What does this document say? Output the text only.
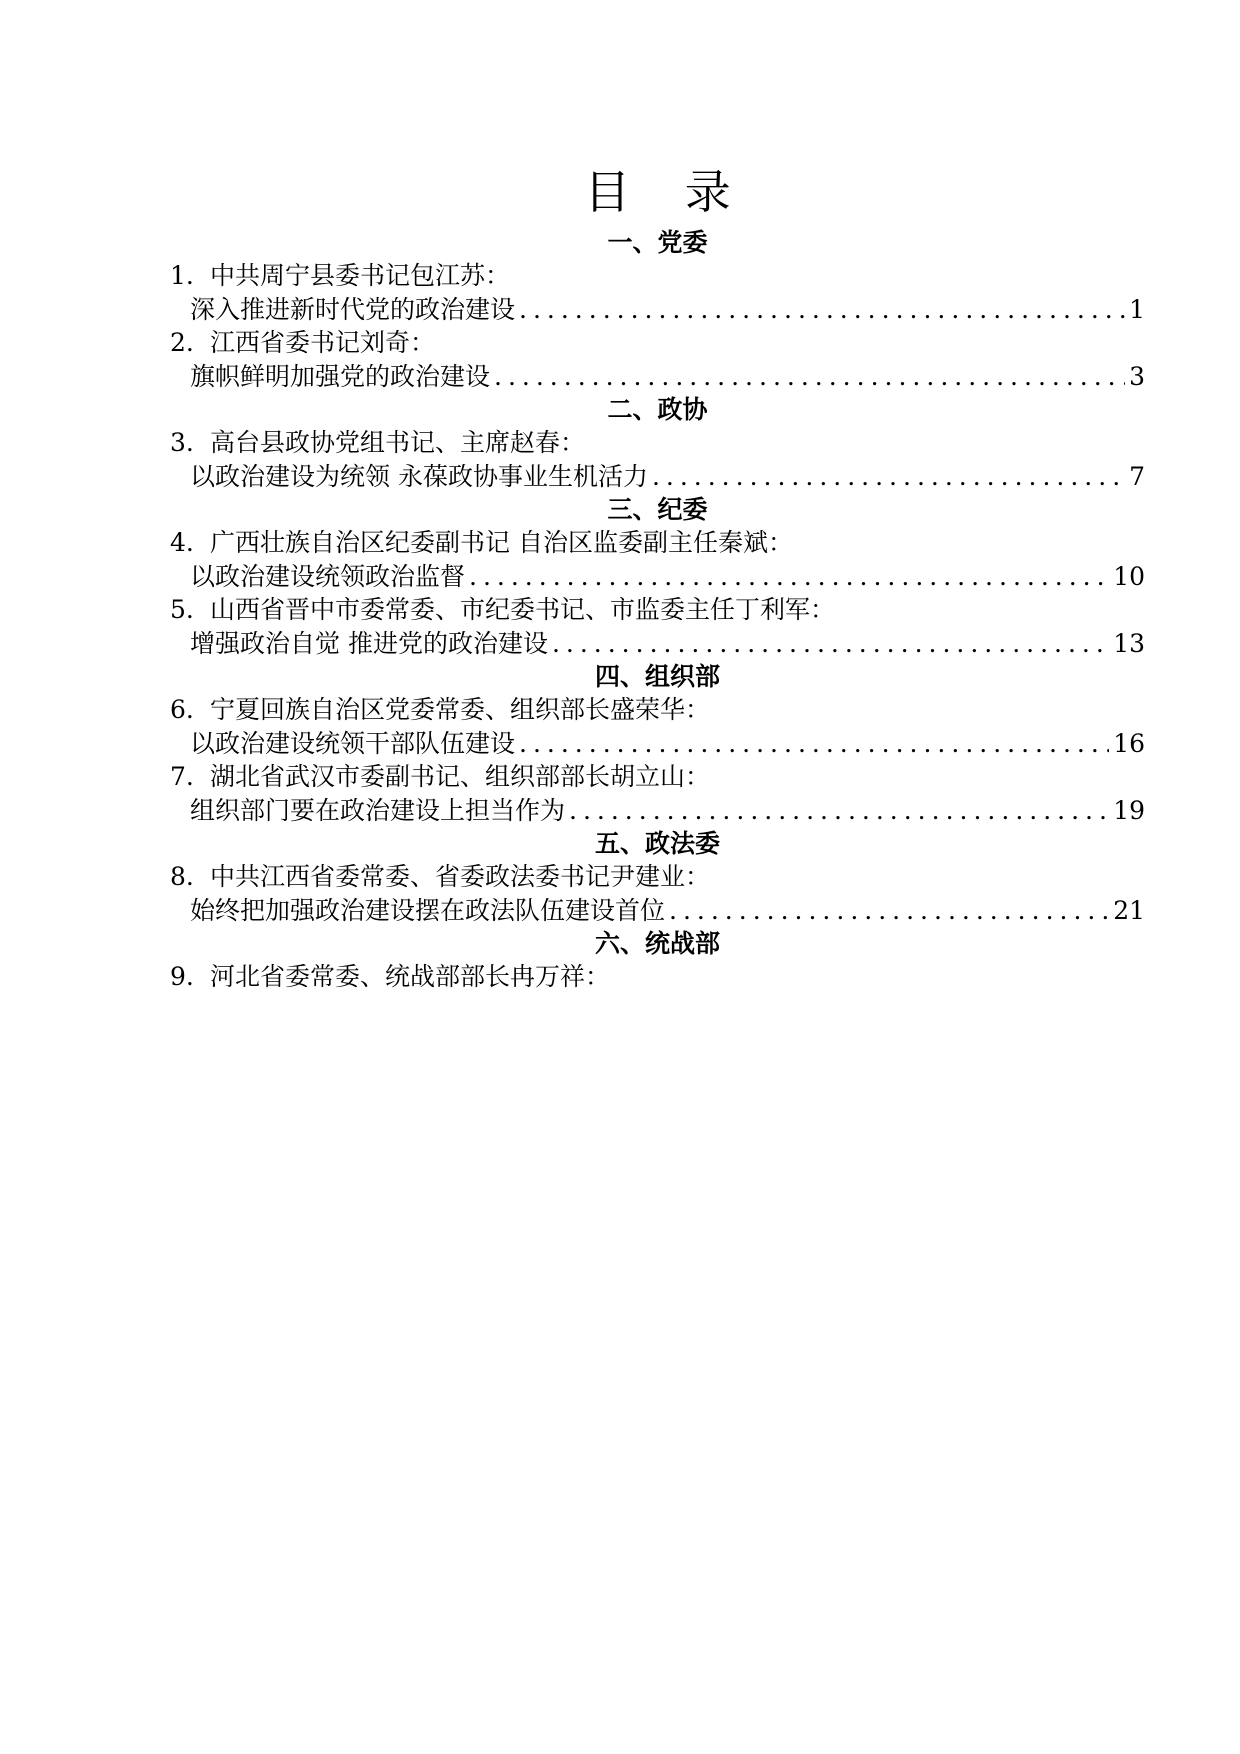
目 录
一、党委
1. 中共周宁县委书记包江苏：
深入推进新时代党的政治建设 .....	1
2. 江西省委书记刘奇：
旗帜鲜明加强党的政治建设 .....	3
二、政协
3. 高台县政协党组书记、主席赵春：
以政治建设为统领 永葆政协事业生机活力 .....	7
三、纪委
4. 广西壮族自治区纪委副书记 自治区监委副主任秦斌：
以政治建设统领政治监督 .....	10
5. 山西省晋中市委常委、市纪委书记、市监委主任丁利军：
增强政治自觉 推进党的政治建设 .....	13
四、组织部
6. 宁夏回族自治区党委常委、组织部长盛荣华：
以政治建设统领干部队伍建设 .....	16
7. 湖北省武汉市委副书记、组织部部长胡立山：
组织部门要在政治建设上担当作为 .....	19
五、政法委
8. 中共江西省委常委、省委政法委书记尹建业：
始终把加强政治建设摆在政法队伍建设首位 .....	21
六、统战部
9. 河北省委常委、统战部部长冉万祥：
